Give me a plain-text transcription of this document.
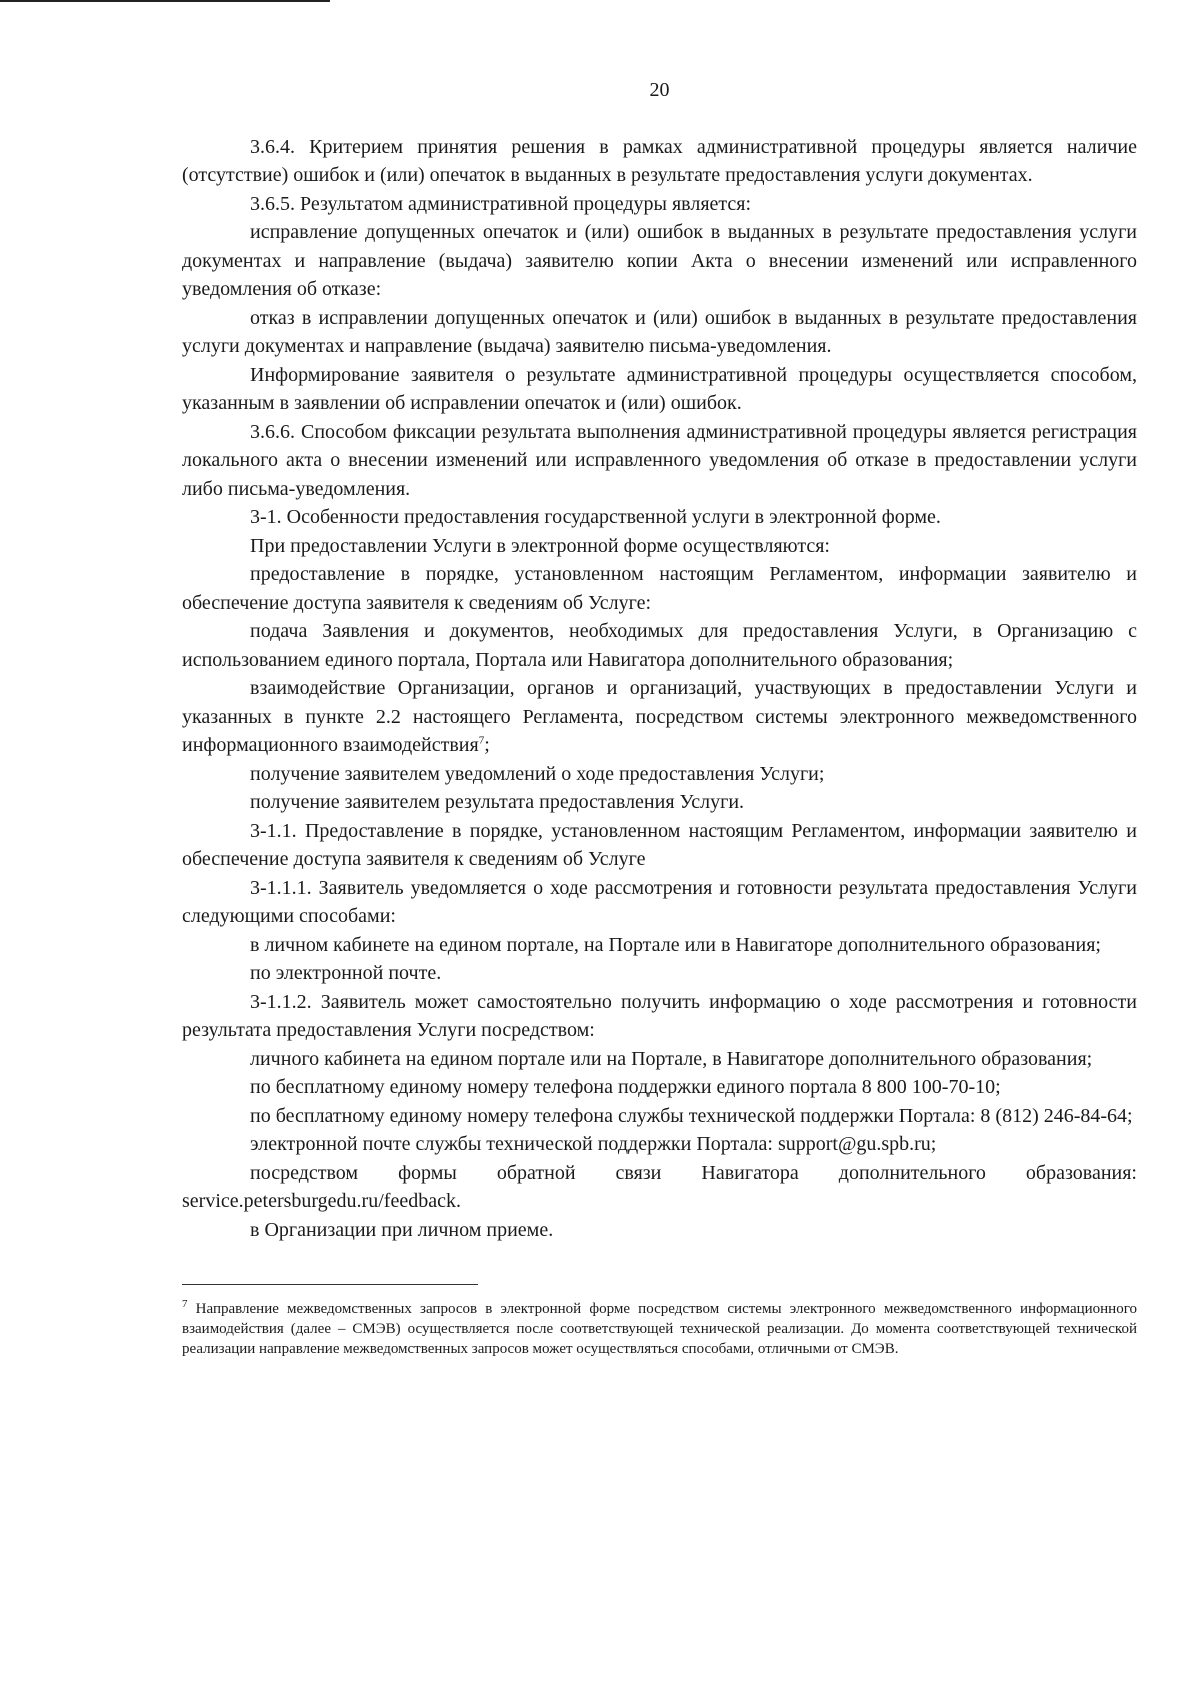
20

3.6.4. Критерием принятия решения в рамках административной процедуры является наличие (отсутствие) ошибок и (или) опечаток в выданных в результате предоставления услуги документах.

3.6.5. Результатом административной процедуры является:

исправление допущенных опечаток и (или) ошибок в выданных в результате предоставления услуги документах и направление (выдача) заявителю копии Акта о внесении изменений или исправленного уведомления об отказе:

отказ в исправлении допущенных опечаток и (или) ошибок в выданных в результате предоставления услуги документах и направление (выдача) заявителю письма-уведомления.

Информирование заявителя о результате административной процедуры осуществляется способом, указанным в заявлении об исправлении опечаток и (или) ошибок.

3.6.6. Способом фиксации результата выполнения административной процедуры является регистрация локального акта о внесении изменений или исправленного уведомления об отказе в предоставлении услуги либо письма-уведомления.

3-1. Особенности предоставления государственной услуги в электронной форме.

При предоставлении Услуги в электронной форме осуществляются:

предоставление в порядке, установленном настоящим Регламентом, информации заявителю и обеспечение доступа заявителя к сведениям об Услуге:

подача Заявления и документов, необходимых для предоставления Услуги, в Организацию с использованием единого портала, Портала или Навигатора дополнительного образования;

взаимодействие Организации, органов и организаций, участвующих в предоставлении Услуги и указанных в пункте 2.2 настоящего Регламента, посредством системы электронного межведомственного информационного взаимодействия$^7$;

получение заявителем уведомлений о ходе предоставления Услуги;

получение заявителем результата предоставления Услуги.

3-1.1. Предоставление в порядке, установленном настоящим Регламентом, информации заявителю и обеспечение доступа заявителя к сведениям об Услуге

3-1.1.1. Заявитель уведомляется о ходе рассмотрения и готовности результата предоставления Услуги следующими способами:

в личном кабинете на едином портале, на Портале или в Навигаторе дополнительного образования;

по электронной почте.

3-1.1.2. Заявитель может самостоятельно получить информацию о ходе рассмотрения и готовности результата предоставления Услуги посредством:

личного кабинета на едином портале или на Портале, в Навигаторе дополнительного образования;

по бесплатному единому номеру телефона поддержки единого портала 8 800 100-70-10;

по бесплатному единому номеру телефона службы технической поддержки Портала: 8 (812) 246-84-64;

электронной почте службы технической поддержки Портала: support@gu.spb.ru;

посредством формы обратной связи Навигатора дополнительного образования: service.petersburgedu.ru/feedback.

в Организации при личном приеме.

$^7$ Направление межведомственных запросов в электронной форме посредством системы электронного межведомственного информационного взаимодействия (далее – СМЭВ) осуществляется после соответствующей технической реализации. До момента соответствующей технической реализации направление межведомственных запросов может осуществляться способами, отличными от СМЭВ.
